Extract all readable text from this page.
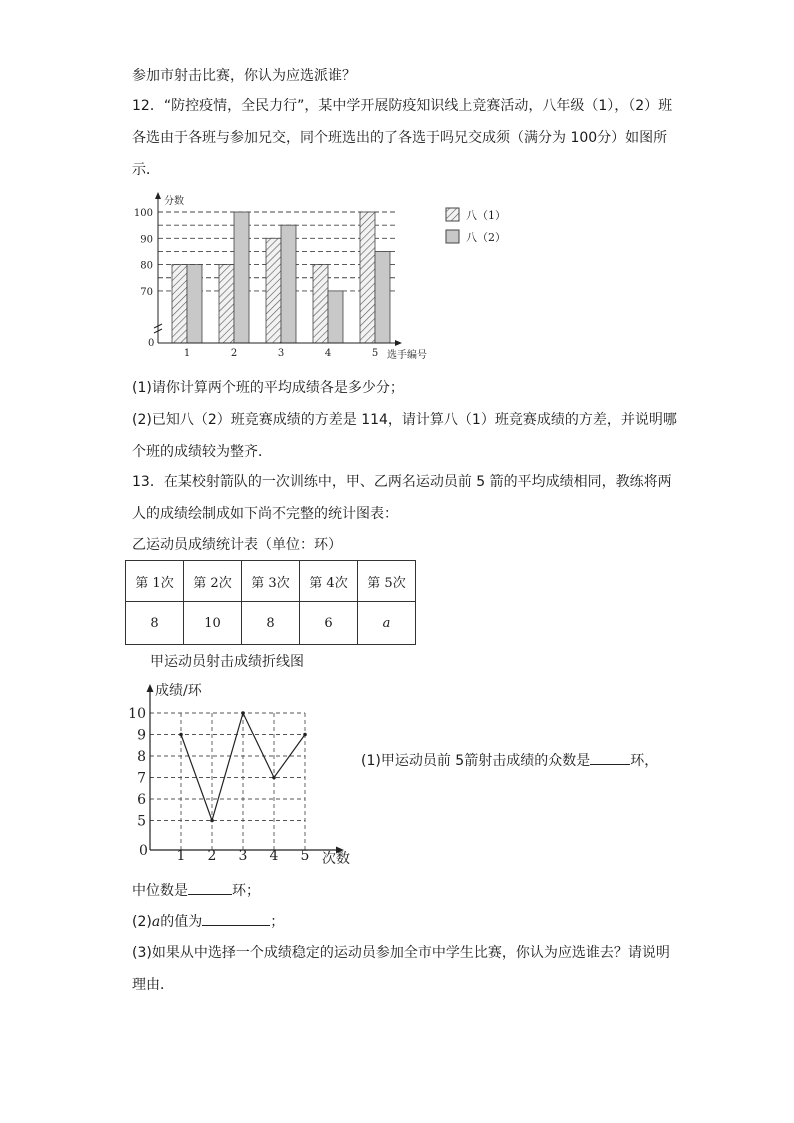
参加市射击比赛，你认为应选派谁？
12．“防控疫情，全民力行”，某中学开展防疫知识线上竞赛活动，八年级（1），（2）班
各选由于各班与参加兄交，同个班选出的了各选于吗兄交成须（满分为 100分）如图所
示．
分数
选手编号
0
70
80
90
100
1	2	3	4	5
八（1）
八（2）
(1)请你计算两个班的平均成绩各是多少分；
(2)已知八（2）班竞赛成绩的方差是 114，请计算八（1）班竞赛成绩的方差，并说明哪
个班的成绩较为整齐．
13．在某校射箭队的一次训练中，甲、乙两名运动员前 5 箭的平均成绩相同，教练将两
人的成绩绘制成如下尚不完整的统计图表：
乙运动员成绩统计表（单位：环）
第 1次	第 2次	第 3次	第 4次	第 5次
8	10	8	6	a
甲运动员射击成绩折线图
成绩/环
次数
0
5
6
7
8
9
10
1 2 3 4 5
(1)甲运动员前 5箭射击成绩的众数是	环，
中位数是	环；
(2)a的值为	；
(3)如果从中选择一个成绩稳定的运动员参加全市中学生比赛，你认为应选谁去？请说明
理由．
